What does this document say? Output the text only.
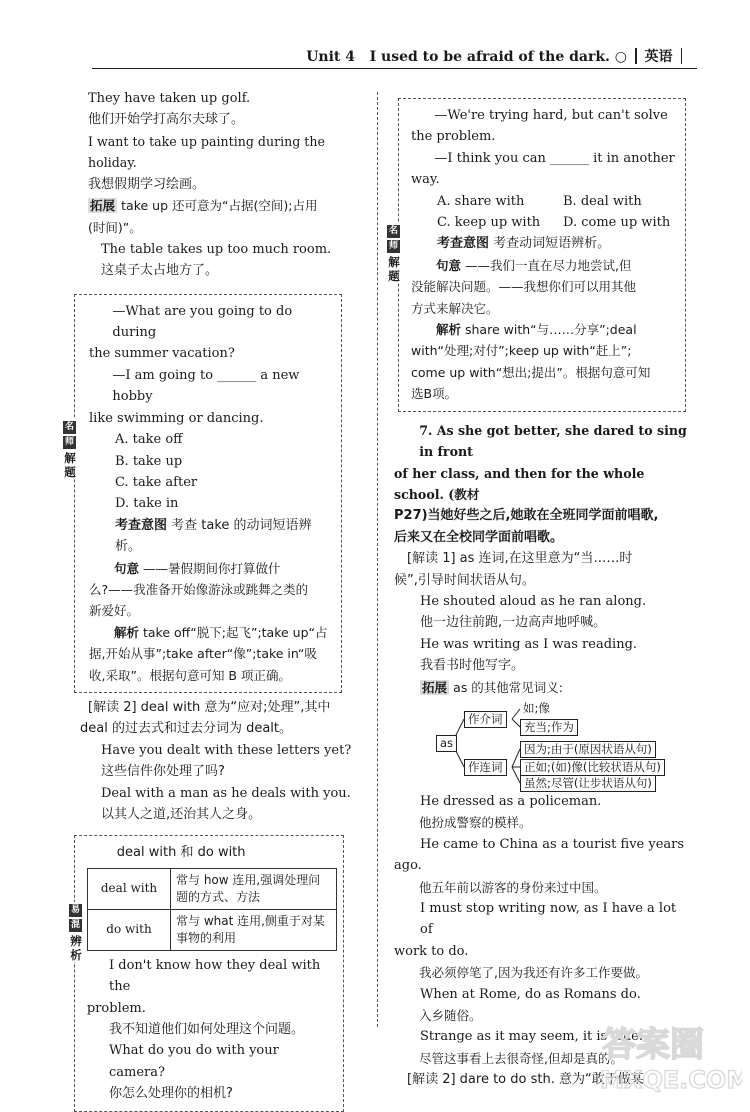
Unit 4 I used to be afraid of the dark. ○ 英语

They have taken up golf.

他们开始学打高尔夫球了。

I want to take up painting during the holiday.

我想假期学习绘画。

拓展 take up 还可意为“占据(空间);占用

(时间)”。

The table takes up too much room.

这桌子太占地方了。

名
师
解
题

—What are you going to do during

the summer vacation?

—I am going to ______ a new hobby

like swimming or dancing.

A. take off

B. take up

C. take after

D. take in

考查意图 考查 take 的动词短语辨析。

句意 ——暑假期间你打算做什

么?——我准备开始像游泳或跳舞之类的

新爱好。

解析 take off“脱下;起飞”;take up“占

据,开始从事”;take after“像”;take in“吸

收,采取”。根据句意可知 B 项正确。

[解读 2] deal with 意为“应对;处理”,其中

deal 的过去式和过去分词为 dealt。

Have you dealt with these letters yet?

这些信件你处理了吗?

Deal with a man as he deals with you.

以其人之道,还治其人之身。

易
混
辨
析

deal with 和 do with

deal with	常与 how 连用,强调处理问题的方式、方法
do with	常与 what 连用,侧重于对某事物的利用

I don't know how they deal with the

problem.

我不知道他们如何处理这个问题。

What do you do with your camera?

你怎么处理你的相机?

名
师
解
题

—We're trying hard, but can't solve

the problem.

—I think you can ______ it in another

way.

A. share with	B. deal with

C. keep up with D. come up with

考查意图 考查动词短语辨析。

句意 ——我们一直在尽力地尝试,但

没能解决问题。——我想你们可以用其他

方式来解决它。

解析 share with“与……分享”;deal

with“处理;对付”;keep up with“赶上”;

come up with“想出;提出”。根据句意可知

选B项。

7. As she got better, she dared to sing in front

of her class, and then for the whole school. (教材

P27)当她好些之后,她敢在全班同学面前唱歌,

后来又在全校同学面前唱歌。

[解读 1] as 连词,在这里意为“当……时

候”,引导时间状语从句。

He shouted aloud as he ran along.

他一边往前跑,一边高声地呼喊。

He was writing as I was reading.

我看书时他写字。

拓展 as 的其他常见词义:

as
作介词
作连词
如;像
充当;作为
因为;由于(原因状语从句)
正如;(如)像(比较状语从句)
虽然;尽管(让步状语从句)

He dressed as a policeman.

他扮成警察的模样。

He came to China as a tourist five years

ago.

他五年前以游客的身份来过中国。

I must stop writing now, as I have a lot of

work to do.

我必须停笔了,因为我还有许多工作要做。

When at Rome, do as Romans do.

入乡随俗。

Strange as it may seem, it is true.

尽管这事看上去很奇怪,但却是真的。

[解读 2] dare to do sth. 意为“敢于做某

答案圈
MXQE.COM
